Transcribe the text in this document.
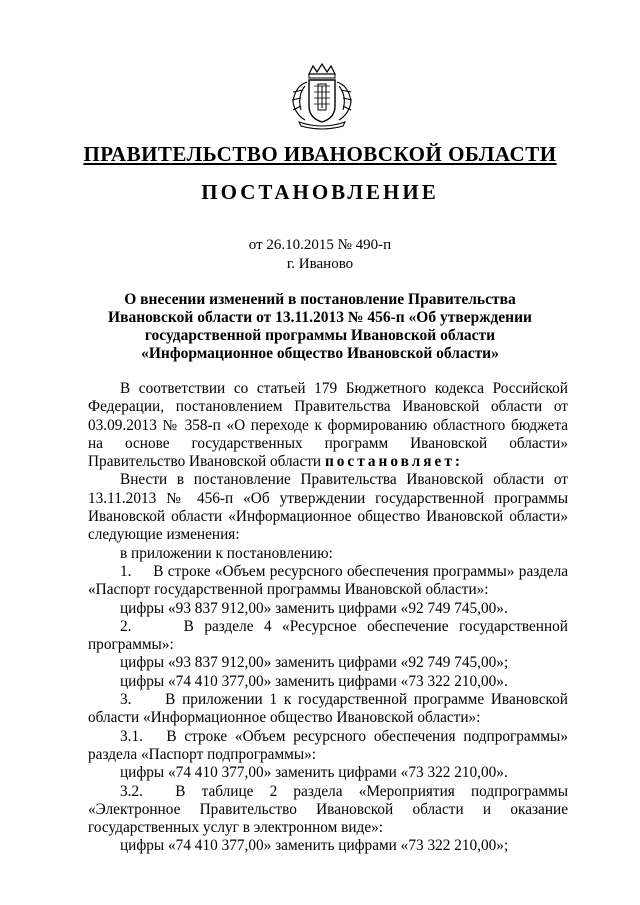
ПРАВИТЕЛЬСТВО ИВАНОВСКОЙ ОБЛАСТИ
ПОСТАНОВЛЕНИЕ
от 26.10.2015 № 490-п
г. Иваново
О внесении изменений в постановление Правительства
Ивановской области от 13.11.2013 № 456-п «Об утверждении
государственной программы Ивановской области
«Информационное общество Ивановской области»

В соответствии со статьей 179 Бюджетного кодекса Российской Федерации, постановлением Правительства Ивановской области от 03.09.2013 № 358-п «О переходе к формированию областного бюджета на основе государственных программ Ивановской области» Правительство Ивановской области постановляет:

Внести в постановление Правительства Ивановской области от 13.11.2013 № 456-п «Об утверждении государственной программы Ивановской области «Информационное общество Ивановской области» следующие изменения:

в приложении к постановлению:

1.     В строке «Объем ресурсного обеспечения программы» раздела «Паспорт государственной программы Ивановской области»:

цифры «93 837 912,00» заменить цифрами «92 749 745,00».

2.     В разделе 4 «Ресурсное обеспечение государственной программы»:

цифры «93 837 912,00» заменить цифрами «92 749 745,00»;

цифры «74 410 377,00» заменить цифрами «73 322 210,00».

3.     В приложении 1 к государственной программе Ивановской области «Информационное общество Ивановской области»:

3.1.   В строке «Объем ресурсного обеспечения подпрограммы» раздела «Паспорт подпрограммы»:

цифры «74 410 377,00» заменить цифрами «73 322 210,00».

3.2.  В таблице 2 раздела «Мероприятия подпрограммы «Электронное Правительство Ивановской области и оказание государственных услуг в электронном виде»:

цифры «74 410 377,00» заменить цифрами «73 322 210,00»;
